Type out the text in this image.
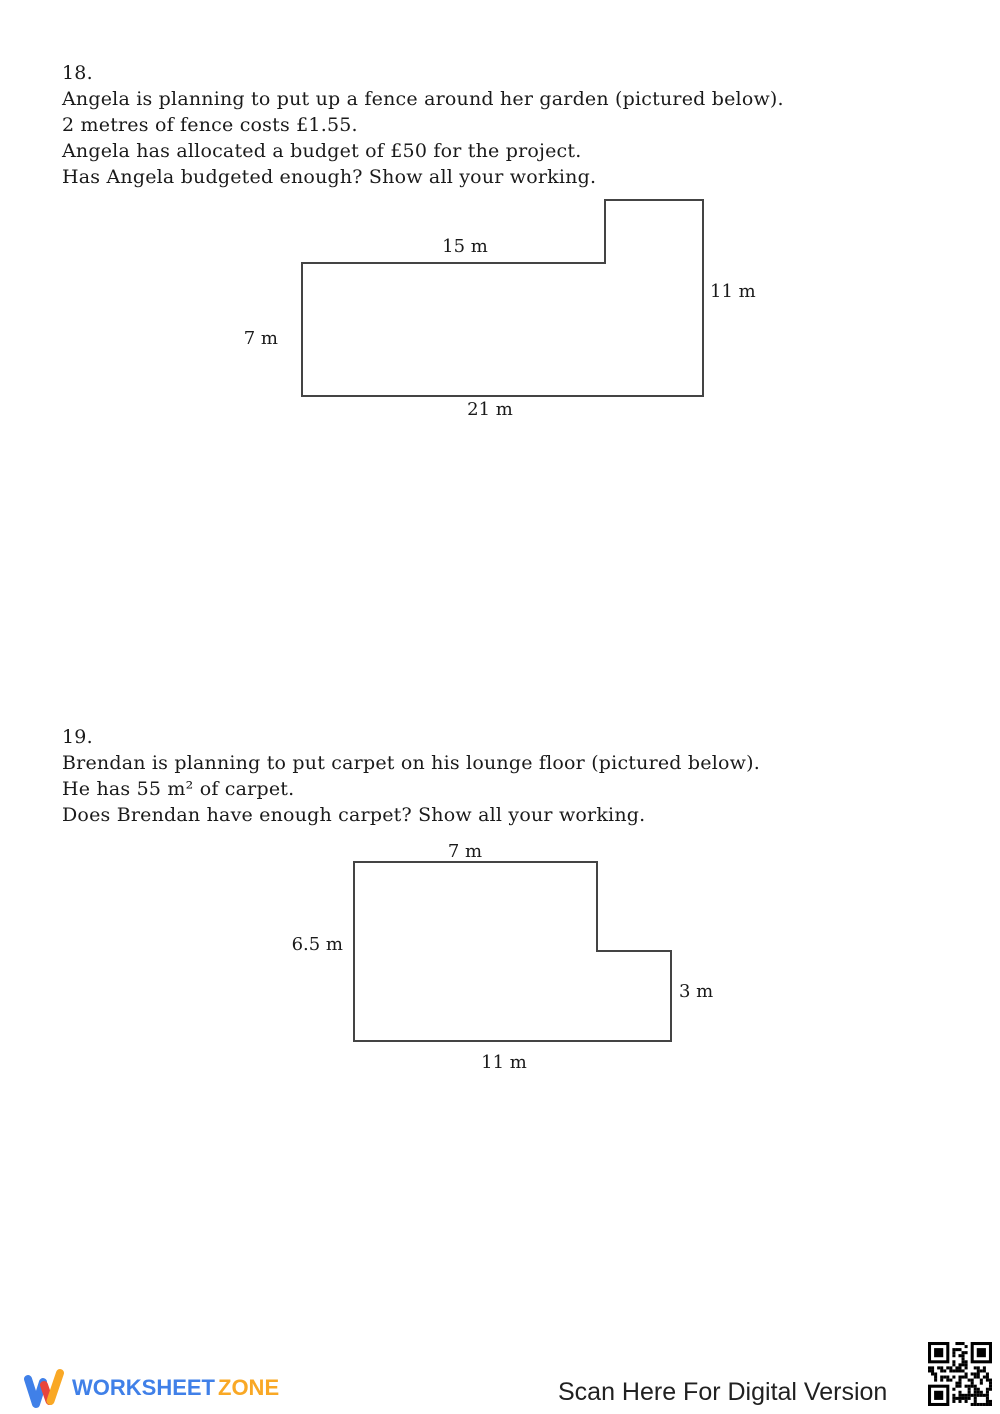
18.
Angela is planning to put up a fence around her garden (pictured below).
2 metres of fence costs £1.55.
Angela has allocated a budget of £50 for the project.
Has Angela budgeted enough? Show all your working.
15 m
11 m
7 m
21 m
19.
Brendan is planning to put carpet on his lounge floor (pictured below).
He has 55 m² of carpet.
Does Brendan have enough carpet? Show all your working.
7 m
6.5 m
3 m
11 m
WORKSHEET ZONE	Scan Here For Digital Version
